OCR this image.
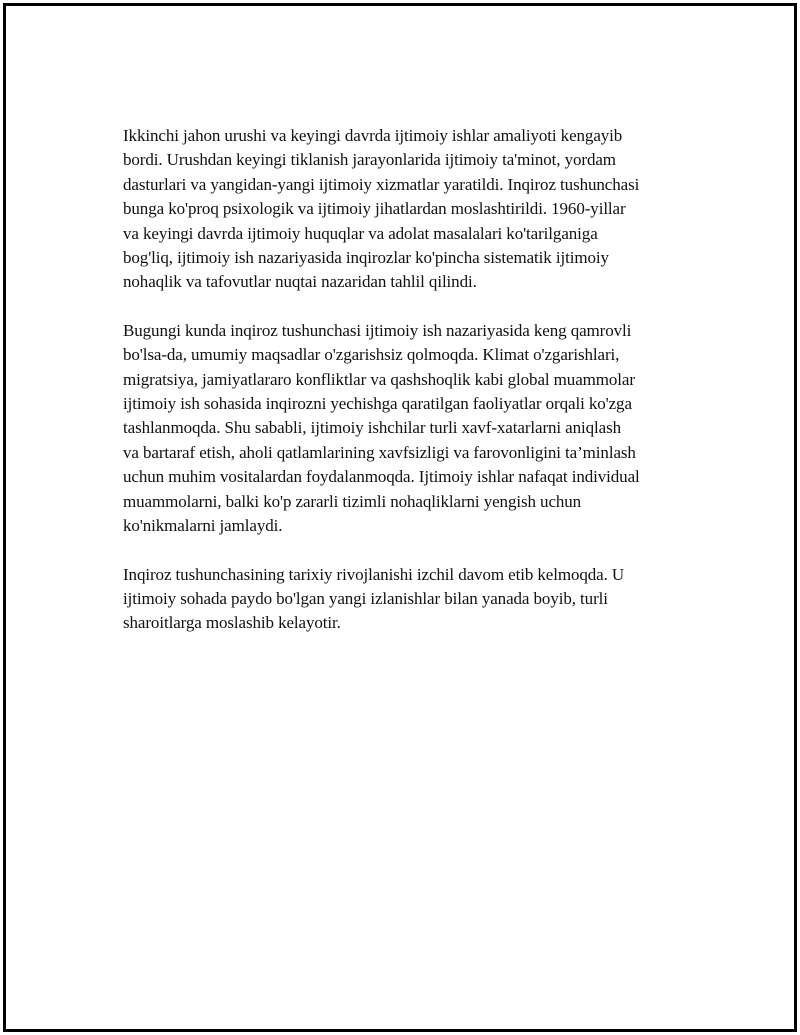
Ikkinchi jahon urushi va keyingi davrda ijtimoiy ishlar amaliyoti kengayib
bordi. Urushdan keyingi tiklanish jarayonlarida ijtimoiy ta'minot, yordam
dasturlari va yangidan-yangi ijtimoiy xizmatlar yaratildi. Inqiroz tushunchasi
bunga ko'proq psixologik va ijtimoiy jihatlardan moslashtirildi. 1960-yillar
va keyingi davrda ijtimoiy huquqlar va adolat masalalari ko'tarilganiga
bog'liq, ijtimoiy ish nazariyasida inqirozlar ko'pincha sistematik ijtimoiy
nohaqlik va tafovutlar nuqtai nazaridan tahlil qilindi.

Bugungi kunda inqiroz tushunchasi ijtimoiy ish nazariyasida keng qamrovli
bo'lsa-da, umumiy maqsadlar o'zgarishsiz qolmoqda. Klimat o'zgarishlari,
migratsiya, jamiyatlararo konfliktlar va qashshoqlik kabi global muammolar
ijtimoiy ish sohasida inqirozni yechishga qaratilgan faoliyatlar orqali ko'zga
tashlanmoqda. Shu sababli, ijtimoiy ishchilar turli xavf-xatarlarni aniqlash
va bartaraf etish, aholi qatlamlarining xavfsizligi va farovonligini ta’minlash
uchun muhim vositalardan foydalanmoqda. Ijtimoiy ishlar nafaqat individual
muammolarni, balki ko'p zararli tizimli nohaqliklarni yengish uchun
ko'nikmalarni jamlaydi.

Inqiroz tushunchasining tarixiy rivojlanishi izchil davom etib kelmoqda. U
ijtimoiy sohada paydo bo'lgan yangi izlanishlar bilan yanada boyib, turli
sharoitlarga moslashib kelayotir.
